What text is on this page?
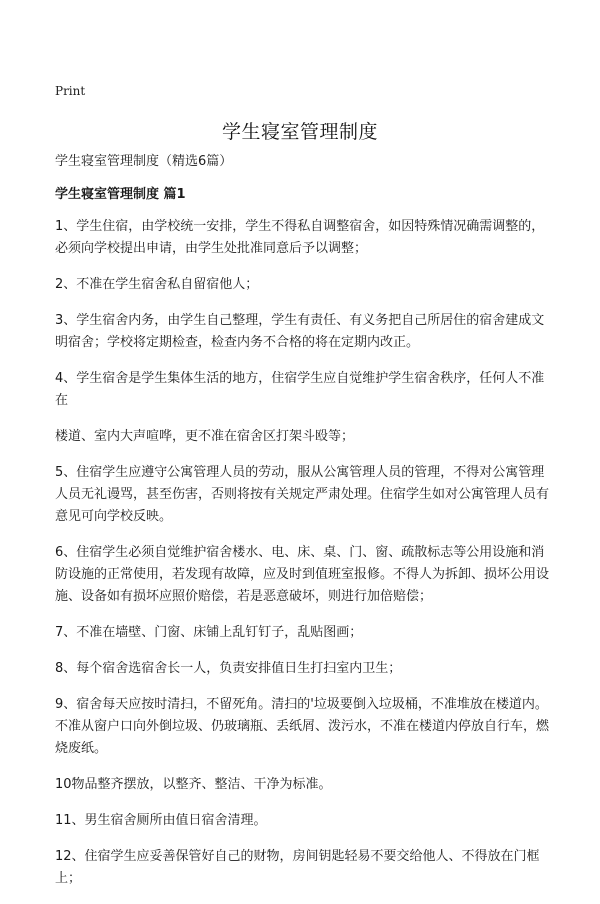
Print
学生寝室管理制度
学生寝室管理制度（精选6篇）
学生寝室管理制度 篇1
1、学生住宿，由学校统一安排，学生不得私自调整宿舍，如因特殊情况确需调整的，必须向学校提出申请，由学生处批准同意后予以调整；
2、不准在学生宿舍私自留宿他人；
3、学生宿舍内务，由学生自己整理，学生有责任、有义务把自己所居住的宿舍建成文明宿舍；学校将定期检查，检查内务不合格的将在定期内改正。
4、学生宿舍是学生集体生活的地方，住宿学生应自觉维护学生宿舍秩序，任何人不准在
楼道、室内大声喧哗，更不准在宿舍区打架斗殴等；
5、住宿学生应遵守公寓管理人员的劳动，服从公寓管理人员的管理，不得对公寓管理人员无礼谩骂，甚至伤害，否则将按有关规定严肃处理。住宿学生如对公寓管理人员有意见可向学校反映。
6、住宿学生必须自觉维护宿舍楼水、电、床、桌、门、窗、疏散标志等公用设施和消防设施的正常使用，若发现有故障，应及时到值班室报修。不得人为拆卸、损坏公用设施、设备如有损坏应照价赔偿，若是恶意破坏，则进行加倍赔偿；
7、不准在墙壁、门窗、床铺上乱钉钉子，乱贴图画；
8、每个宿舍选宿舍长一人，负责安排值日生打扫室内卫生；
9、宿舍每天应按时清扫，不留死角。清扫的'垃圾要倒入垃圾桶，不准堆放在楼道内。不准从窗户口向外倒垃圾、仍玻璃瓶、丢纸屑、泼污水，不准在楼道内停放自行车，燃烧废纸。
10物品整齐摆放，以整齐、整洁、干净为标准。
11、男生宿舍厕所由值日宿舍清理。
12、住宿学生应妥善保管好自己的财物，房间钥匙轻易不要交给他人、不得放在门框上；
